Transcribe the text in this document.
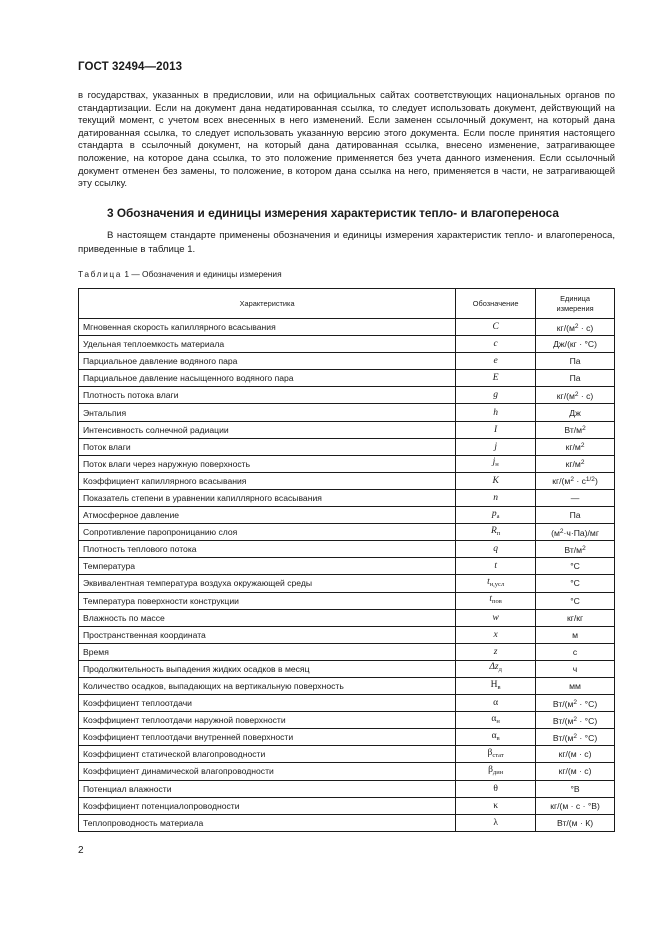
ГОСТ 32494—2013

в государствах, указанных в предисловии, или на официальных сайтах соответствующих национальных органов по стандартизации. Если на документ дана недатированная ссылка, то следует использовать документ, действующий на текущий момент, с учетом всех внесенных в него изменений. Если заменен ссылочный документ, на который дана датированная ссылка, то следует использовать указанную версию этого документа. Если после принятия настоящего стандарта в ссылочный документ, на который дана датированная ссылка, внесено изменение, затрагивающее положение, на которое дана ссылка, то это положение применяется без учета данного изменения. Если ссылочный документ отменен без замены, то положение, в котором дана ссылка на него, применяется в части, не затрагивающей эту ссылку.

3 Обозначения и единицы измерения характеристик тепло- и влагопереноса
В настоящем стандарте применены обозначения и единицы измерения характеристик тепло- и влагопереноса, приведенные в таблице 1.
Таблица 1 — Обозначения и единицы измерения
Характеристика	Обозначение	Единица
измерения
Мгновенная скорость капиллярного всасывания	C	$кг/(м^2 \cdot с)$
Удельная теплоемкость материала	c	Дж/(кг · °С)
Парциальное давление водяного пара	e	Па
Парциальное давление насыщенного водяного пара	E	Па
Плотность потока влаги	g	$кг/(м^2 \cdot с)$
Энтальпия	h	Дж
Интенсивность солнечной радиации	I	$Вт/м^2$
Поток влаги	j	$кг/м^2$
Поток влаги через наружную поверхность	$j_н$	$кг/м^2$
Коэффициент капиллярного всасывания	K	$кг/(м^2 \cdot с^{1/2})$
Показатель степени в уравнении капиллярного всасывания	n	—
Атмосферное давление	$p_а$	Па
Сопротивление паропроницанию слоя	$R_п$	$(м^2\cdot ч\cdot Па)/мг$
Плотность теплового потока	q	$Вт/м^2$
Температура	t	°С
Эквивалентная температура воздуха окружающей среды	$t_{н,усл}$	°С
Температура поверхности конструкции	$t_{пов}$	°С
Влажность по массе	w	кг/кг
Пространственная координата	x	м
Время	z	с
Продолжительность выпадения жидких осадков в месяц	$\Delta z_д$	ч
Количество осадков, выпадающих на вертикальную поверхность	$Н_в$	мм
Коэффициент теплоотдачи	α	$Вт/(м^2 \cdot ^\circ С)$
Коэффициент теплоотдачи наружной поверхности	$\alpha_н$	$Вт/(м^2 \cdot ^\circ С)$
Коэффициент теплоотдачи внутренней поверхности	$\alpha_в$	$Вт/(м^2 \cdot ^\circ С)$
Коэффициент статической влагопроводности	$\beta_{стат}$	кг/(м · с)
Коэффициент динамической влагопроводности	$\beta_{дин}$	кг/(м · с)
Потенциал влажности	θ	°В
Коэффициент потенциалопроводности	κ	кг/(м · с · °В)
Теплопроводность материала	λ	Вт/(м · К)
2
